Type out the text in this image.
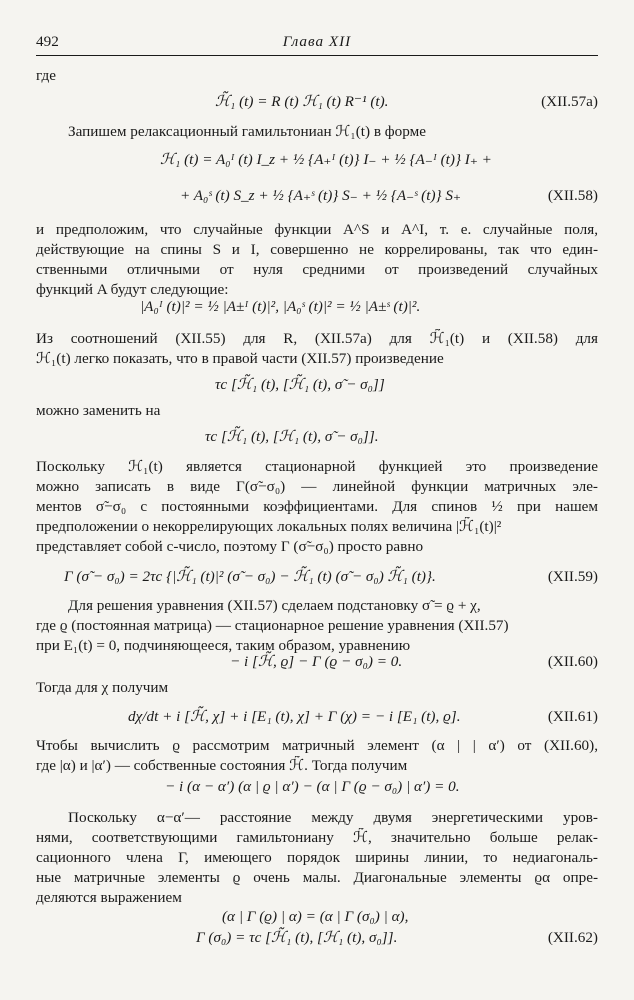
492	Глава XII
где
ℋ̃₁ (t) = R (t) ℋ₁ (t) R⁻¹ (t).	(XII.57a)
Запишем релаксационный гамильтониан ℋ₁(t) в форме
ℋ₁ (t) = A₀ᴵ (t) I_z + ½ {A₊ᴵ (t)} I₋ + ½ {A₋ᴵ (t)} I₊ +
+ A₀ˢ (t) S_z + ½ {A₊ˢ (t)} S₋ + ½ {A₋ˢ (t)} S₊	(XII.58)
и предположим, что случайные функции A^S и A^I, т. е. случайные поля,
действующие на спины S и I, совершенно не коррелированы, так что един-
ственными отличными от нуля средними от произведений случайных
функций A будут следующие:
|A₀ᴵ (t)|² = ½ |A±ᴵ (t)|², |A₀ˢ (t)|² = ½ |A±ˢ (t)|².
Из соотношений (XII.55) для R, (XII.57a) для ℋ̃₁(t) и (XII.58) для
ℋ₁(t) легко показать, что в правой части (XII.57) произведение
τc [ℋ̃₁ (t), [ℋ̃₁ (t), σ̃ − σ₀]]
можно заменить на
τc [ℋ̃₁ (t), [ℋ₁ (t), σ̃ − σ₀]].
Поскольку ℋ₁(t) является стационарной функцией это произведение
можно записать в виде Γ(σ̃−σ₀) — линейной функции матричных эле-
ментов σ̃−σ₀ с постоянными коэффициентами. Для спинов ½ при нашем
предположении о некоррелирующих локальных полях величина |ℋ̃₁(t)|²
представляет собой c-число, поэтому Γ (σ̃−σ₀) просто равно
Γ (σ̃ − σ₀) = 2τc {|ℋ̃₁ (t)|² (σ̃ − σ₀) − ℋ̃₁ (t) (σ̃ − σ₀) ℋ̃₁ (t)}.	(XII.59)
Для решения уравнения (XII.57) сделаем подстановку σ̃ = ϱ + χ,
где ϱ (постоянная матрица) — стационарное решение уравнения (XII.57)
при E₁(t) = 0, подчиняющееся, таким образом, уравнению
− i [ℋ̃, ϱ] − Γ (ϱ − σ₀) = 0.	(XII.60)
Тогда для χ получим
dχ/dt + i [ℋ̃, χ] + i [E₁ (t), χ] + Γ (χ) = − i [E₁ (t), ϱ].	(XII.61)
Чтобы вычислить ϱ рассмотрим матричный элемент (α | | α′) от (XII.60),
где |α) и |α′) — собственные состояния ℋ̃. Тогда получим
− i (α − α′) (α | ϱ | α′) − (α | Γ (ϱ − σ₀) | α′) = 0.
Поскольку α−α′— расстояние между двумя энергетическими уров-
нями, соответствующими гамильтониану ℋ̃, значительно больше релак-
сационного члена Γ, имеющего порядок ширины линии, то недиагональ-
ные матричные элементы ϱ очень малы. Диагональные элементы ϱα опре-
деляются выражением
(α | Γ (ϱ) | α) = (α | Γ (σ₀) | α),
Γ (σ₀) = τc [ℋ̃₁ (t), [ℋ₁ (t), σ₀]].	(XII.62)
